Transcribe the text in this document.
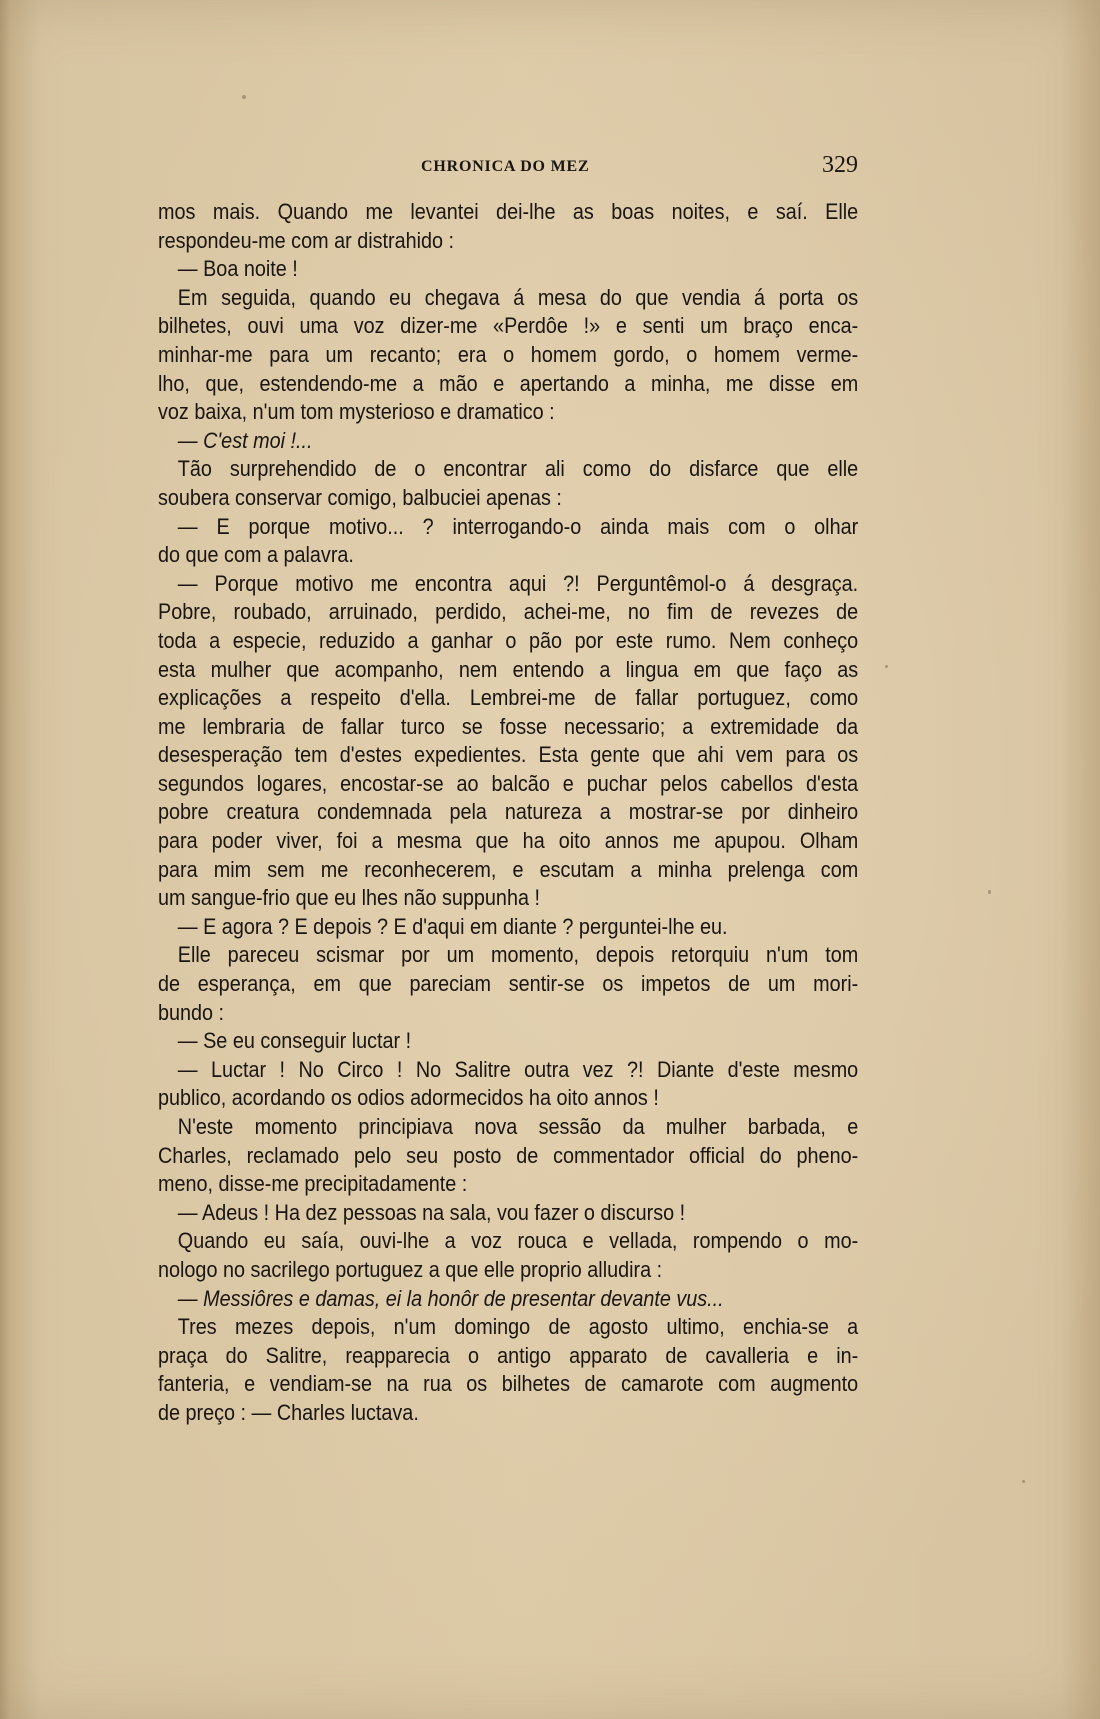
CHRONICA DO MEZ	329
mos mais. Quando me levantei dei-lhe as boas noites, e saí. Elle
respondeu-me com ar distrahido :
— Boa noite !
Em seguida, quando eu chegava á mesa do que vendia á porta os
bilhetes, ouvi uma voz dizer-me «Perdôe !» e senti um braço enca-
minhar-me para um recanto; era o homem gordo, o homem verme-
lho, que, estendendo-me a mão e apertando a minha, me disse em
voz baixa, n'um tom mysterioso e dramatico :
— C'est moi !...
Tão surprehendido de o encontrar ali como do disfarce que elle
soubera conservar comigo, balbuciei apenas :
— E porque motivo... ? interrogando-o ainda mais com o olhar
do que com a palavra.
— Porque motivo me encontra aqui ?! Perguntêmol-o á desgraça.
Pobre, roubado, arruinado, perdido, achei-me, no fim de revezes de
toda a especie, reduzido a ganhar o pão por este rumo. Nem conheço
esta mulher que acompanho, nem entendo a lingua em que faço as
explicações a respeito d'ella. Lembrei-me de fallar portuguez, como
me lembraria de fallar turco se fosse necessario; a extremidade da
desesperação tem d'estes expedientes. Esta gente que ahi vem para os
segundos logares, encostar-se ao balcão e puchar pelos cabellos d'esta
pobre creatura condemnada pela natureza a mostrar-se por dinheiro
para poder viver, foi a mesma que ha oito annos me apupou. Olham
para mim sem me reconhecerem, e escutam a minha prelenga com
um sangue-frio que eu lhes não suppunha !
— E agora ? E depois ? E d'aqui em diante ? perguntei-lhe eu.
Elle pareceu scismar por um momento, depois retorquiu n'um tom
de esperança, em que pareciam sentir-se os impetos de um mori-
bundo :
— Se eu conseguir luctar !
— Luctar ! No Circo ! No Salitre outra vez ?! Diante d'este mesmo
publico, acordando os odios adormecidos ha oito annos !
N'este momento principiava nova sessão da mulher barbada, e
Charles, reclamado pelo seu posto de commentador official do pheno-
meno, disse-me precipitadamente :
— Adeus ! Ha dez pessoas na sala, vou fazer o discurso !
Quando eu saía, ouvi-lhe a voz rouca e vellada, rompendo o mo-
nologo no sacrilego portuguez a que elle proprio alludira :
— Messiôres e damas, ei la honôr de presentar devante vus...
Tres mezes depois, n'um domingo de agosto ultimo, enchia-se a
praça do Salitre, reapparecia o antigo apparato de cavalleria e in-
fanteria, e vendiam-se na rua os bilhetes de camarote com augmento
de preço : — Charles luctava.
